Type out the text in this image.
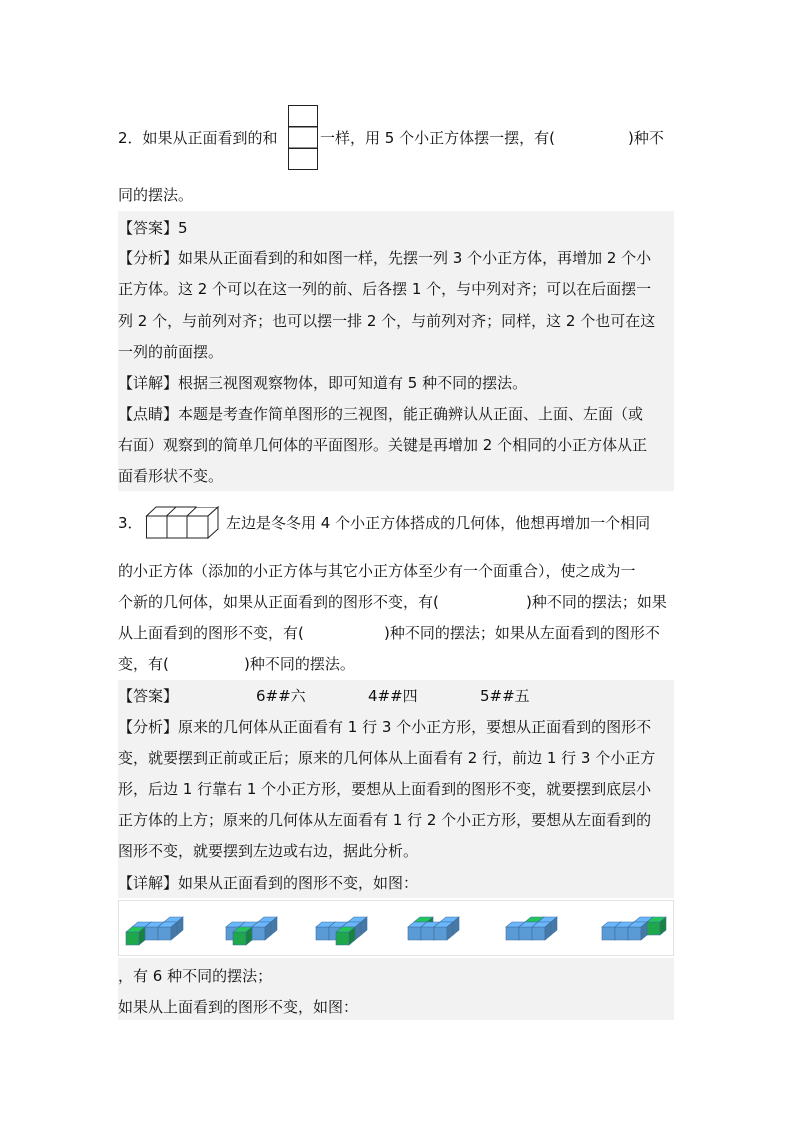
2．如果从正面看到的和	一样，用 5 个小正方体摆一摆，有(	)种不
同的摆法。
【答案】5
【分析】如果从正面看到的和如图一样，先摆一列 3 个小正方体，再增加 2 个小
正方体。这 2 个可以在这一列的前、后各摆 1 个，与中列对齐；可以在后面摆一
列 2 个，与前列对齐；也可以摆一排 2 个，与前列对齐；同样，这 2 个也可在这
一列的前面摆。
【详解】根据三视图观察物体，即可知道有 5 种不同的摆法。
【点睛】本题是考查作简单图形的三视图，能正确辨认从正面、上面、左面（或
右面）观察到的简单几何体的平面图形。关键是再增加 2 个相同的小正方体从正
面看形状不变。
3．	左边是冬冬用 4 个小正方体搭成的几何体，他想再增加一个相同
的小正方体（添加的小正方体与其它小正方体至少有一个面重合），使之成为一
个新的几何体，如果从正面看到的图形不变，有(	)种不同的摆法；如果
从上面看到的图形不变，有(	)种不同的摆法；如果从左面看到的图形不
变，有(	)种不同的摆法。
【答案】	6##六	4##四	5##五
【分析】原来的几何体从正面看有 1 行 3 个小正方形，要想从正面看到的图形不
变，就要摆到正前或正后；原来的几何体从上面看有 2 行，前边 1 行 3 个小正方
形，后边 1 行靠右 1 个小正方形，要想从上面看到的图形不变，就要摆到底层小
正方体的上方；原来的几何体从左面看有 1 行 2 个小正方形，要想从左面看到的
图形不变，就要摆到左边或右边，据此分析。
【详解】如果从正面看到的图形不变，如图：
，有 6 种不同的摆法；
如果从上面看到的图形不变，如图：
